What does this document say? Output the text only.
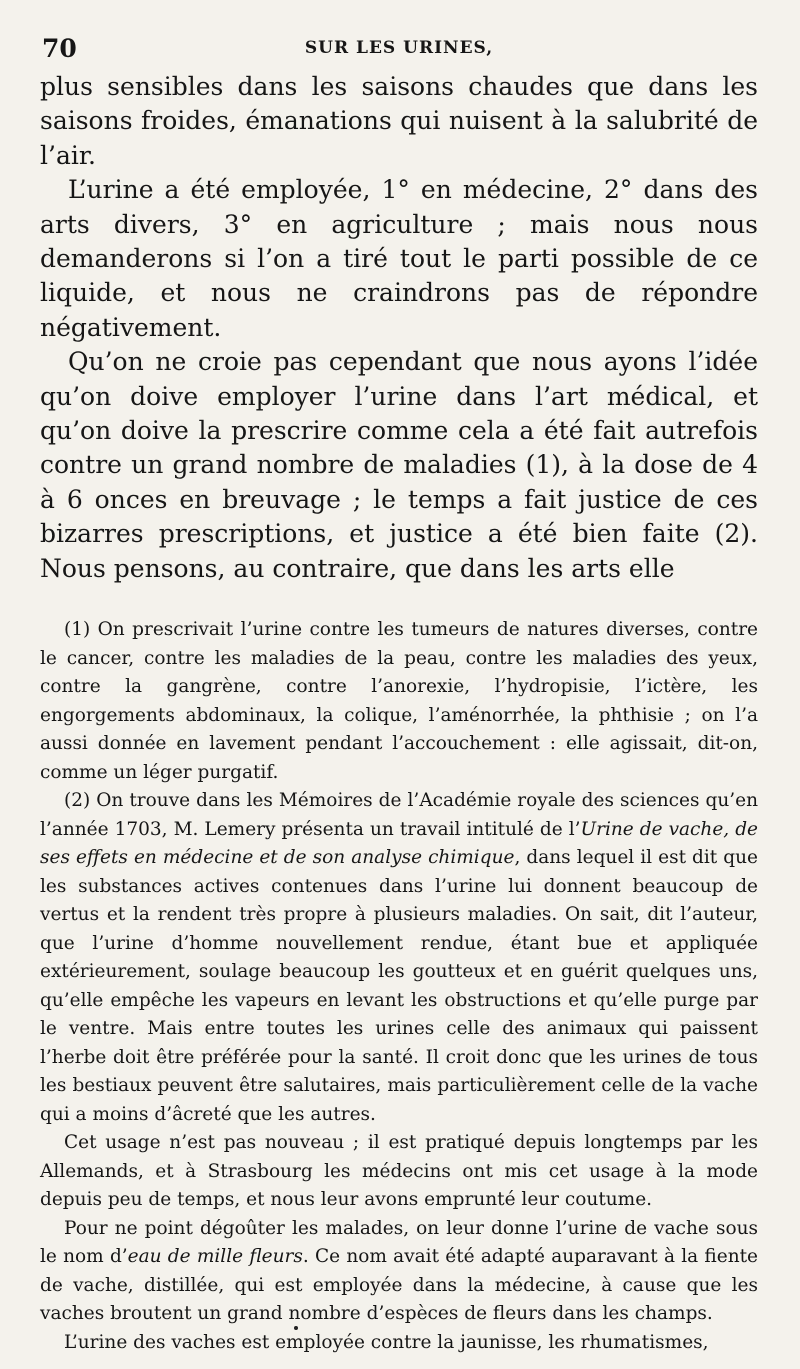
70	SUR LES URINES,

plus sensibles dans les saisons chaudes que dans les saisons froides, émanations qui nuisent à la salubrité de l’air.

L’urine a été employée, 1° en médecine, 2° dans des arts divers, 3° en agriculture ; mais nous nous demanderons si l’on a tiré tout le parti possible de ce liquide, et nous ne craindrons pas de répondre négativement.

Qu’on ne croie pas cependant que nous ayons l’idée qu’on doive employer l’urine dans l’art médical, et qu’on doive la prescrire comme cela a été fait autrefois contre un grand nombre de maladies (1), à la dose de 4 à 6 onces en breuvage ; le temps a fait justice de ces bizarres prescriptions, et justice a été bien faite (2). Nous pensons, au contraire, que dans les arts elle

(1) On prescrivait l’urine contre les tumeurs de natures diverses, contre le cancer, contre les maladies de la peau, contre les maladies des yeux, contre la gangrène, contre l’anorexie, l’hydropisie, l’ictère, les engorgements abdominaux, la colique, l’aménorrhée, la phthisie ; on l’a aussi donnée en lavement pendant l’accouchement : elle agissait, dit-on, comme un léger purgatif.

(2) On trouve dans les Mémoires de l’Académie royale des sciences qu’en l’année 1703, M. Lemery présenta un travail intitulé de l’Urine de vache, de ses effets en médecine et de son analyse chimique, dans lequel il est dit que les substances actives contenues dans l’urine lui donnent beaucoup de vertus et la rendent très propre à plusieurs maladies. On sait, dit l’auteur, que l’urine d’homme nouvellement rendue, étant bue et appliquée extérieurement, soulage beaucoup les goutteux et en guérit quelques uns, qu’elle empêche les vapeurs en levant les obstructions et qu’elle purge par le ventre. Mais entre toutes les urines celle des animaux qui paissent l’herbe doit être préférée pour la santé. Il croit donc que les urines de tous les bestiaux peuvent être salutaires, mais particulièrement celle de la vache qui a moins d’âcreté que les autres.

Cet usage n’est pas nouveau ; il est pratiqué depuis longtemps par les Allemands, et à Strasbourg les médecins ont mis cet usage à la mode depuis peu de temps, et nous leur avons emprunté leur coutume.

Pour ne point dégoûter les malades, on leur donne l’urine de vache sous le nom d’eau de mille fleurs. Ce nom avait été adapté auparavant à la fiente de vache, distillée, qui est employée dans la médecine, à cause que les vaches broutent un grand nombre d’espèces de fleurs dans les champs.

L’urine des vaches est employée contre la jaunisse, les rhumatismes,
